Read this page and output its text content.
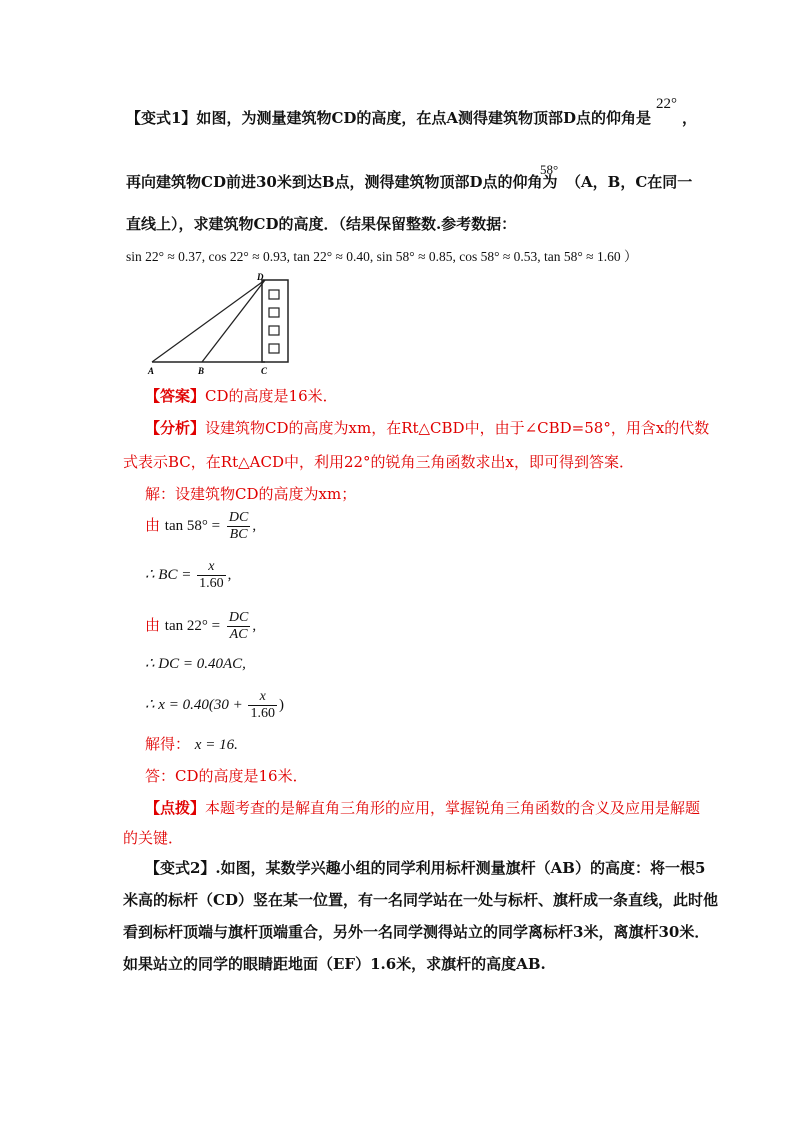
【变式1】如图，为测量建筑物CD的高度，在点A测得建筑物顶部D点的仰角是
22°
，
再向建筑物CD前进30米到达B点，测得建筑物顶部D点的仰角为
58°
（A，B，C在同一
直线上），求建筑物CD的高度．（结果保留整数.参考数据：
sin 22° ≈ 0.37, cos 22° ≈ 0.93, tan 22° ≈ 0.40, sin 58° ≈ 0.85, cos 58° ≈ 0.53, tan 58° ≈ 1.60 ）
D
A	B	C
【答案】CD的高度是16米．
【分析】设建筑物CD的高度为xm，在Rt△CBD中，由于∠CBD=58°，用含x的代数
式表示BC，在Rt△ACD中，利用22°的锐角三角函数求出x，即可得到答案．
解：设建筑物CD的高度为xm；
由 $\tan 58^\circ = \frac{DC}{BC}$ ,
∴ BC = $\frac{x}{1.60}$ ,
由 $\tan 22^\circ = \frac{DC}{AC}$ ,
∴ DC = 0.40AC,
∴ $x = 0.40(30 + \frac{x}{1.60}$ )
解得： x = 16.
答：CD的高度是16米．
【点拨】本题考查的是解直角三角形的应用，掌握锐角三角函数的含义及应用是解题
的关键．
【变式2】.如图，某数学兴趣小组的同学利用标杆测量旗杆（AB）的高度：将一根5
米高的标杆（CD）竖在某一位置，有一名同学站在一处与标杆、旗杆成一条直线，此时他
看到标杆顶端与旗杆顶端重合，另外一名同学测得站立的同学离标杆3米，离旗杆30米．
如果站立的同学的眼睛距地面（EF）1.6米，求旗杆的高度AB.
